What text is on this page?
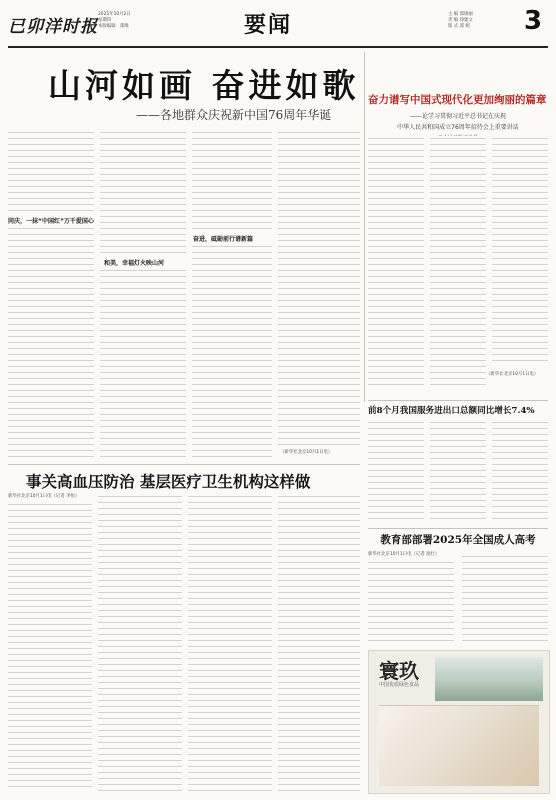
已卯洋时报
2025年10月2日
星期四
本版编辑：邵维	要闻	主 编 邵锦丽
责 编 徐建文
版 式 邵 妮	3
山河如画 奋进如歌
——各地群众庆祝新中国76周年华诞
同庆，一抹“中国红”万千爱国心
和美，幸福灯火映山河
奋进，砥砺前行谱新篇
（新华社北京10月1日电）
奋力谱写中国式现代化更加绚丽的篇章
——论学习贯彻习近平总书记在庆祝
中华人民共和国成立76周年招待会上重要讲话
（新华社北京10月1日电）
前8个月我国服务进出口总额同比增长7.4%
事关高血压防治 基层医疗卫生机构这样做
新华社北京10月1日电（记者 李恒）
教育部部署2025年全国成人高考
新华社北京10月1日电（记者 徐壮）
寰玖
中国优质绿色食品
